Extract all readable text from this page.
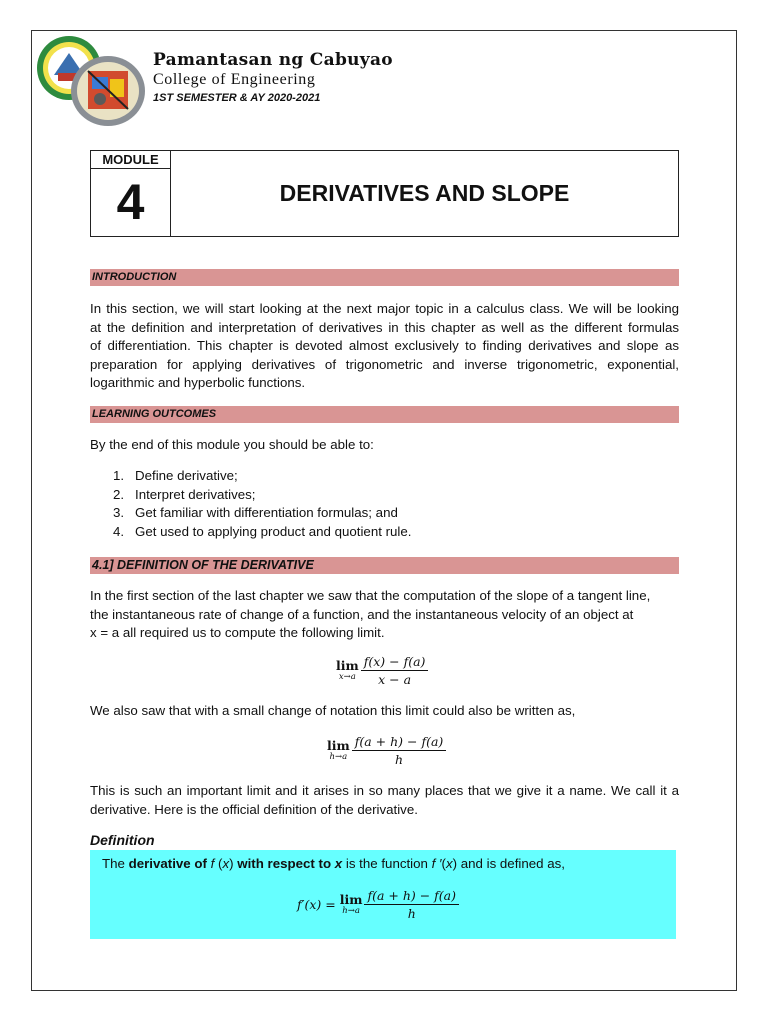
Pamantasan ng Cabuyao
College of Engineering
1ST SEMESTER & AY 2020-2021
MODULE
4	DERIVATIVES AND SLOPE
INTRODUCTION
In this section, we will start looking at the next major topic in a calculus class. We will be looking
at the definition and interpretation of derivatives in this chapter as well as the different formulas
of differentiation. This chapter is devoted almost exclusively to finding derivatives and slope as
preparation for applying derivatives of trigonometric and inverse trigonometric, exponential,
logarithmic and hyperbolic functions.
LEARNING OUTCOMES
By the end of this module you should be able to:
1. Define derivative;
2. Interpret derivatives;
3. Get familiar with differentiation formulas; and
4. Get used to applying product and quotient rule.
4.1] DEFINITION OF THE DERIVATIVE
In the first section of the last chapter we saw that the computation of the slope of a tangent line,
the instantaneous rate of change of a function, and the instantaneous velocity of an object at
x = a all required us to compute the following limit.
lim
$x\to a \frac{f(x) - f(a)}{x - a}$
We also saw that with a small change of notation this limit could also be written as,
lim
$h\to a \frac{f(a + h) - f(a)}{h}$
This is such an important limit and it arises in so many places that we give it a name. We call it a
derivative. Here is the official definition of the derivative.
Definition
The derivative of f (x) with respect to x is the function f ′(x) and is defined as,
f′(x) = lim
$h\to a \frac{f(a + h) - f(a)}{h}$
